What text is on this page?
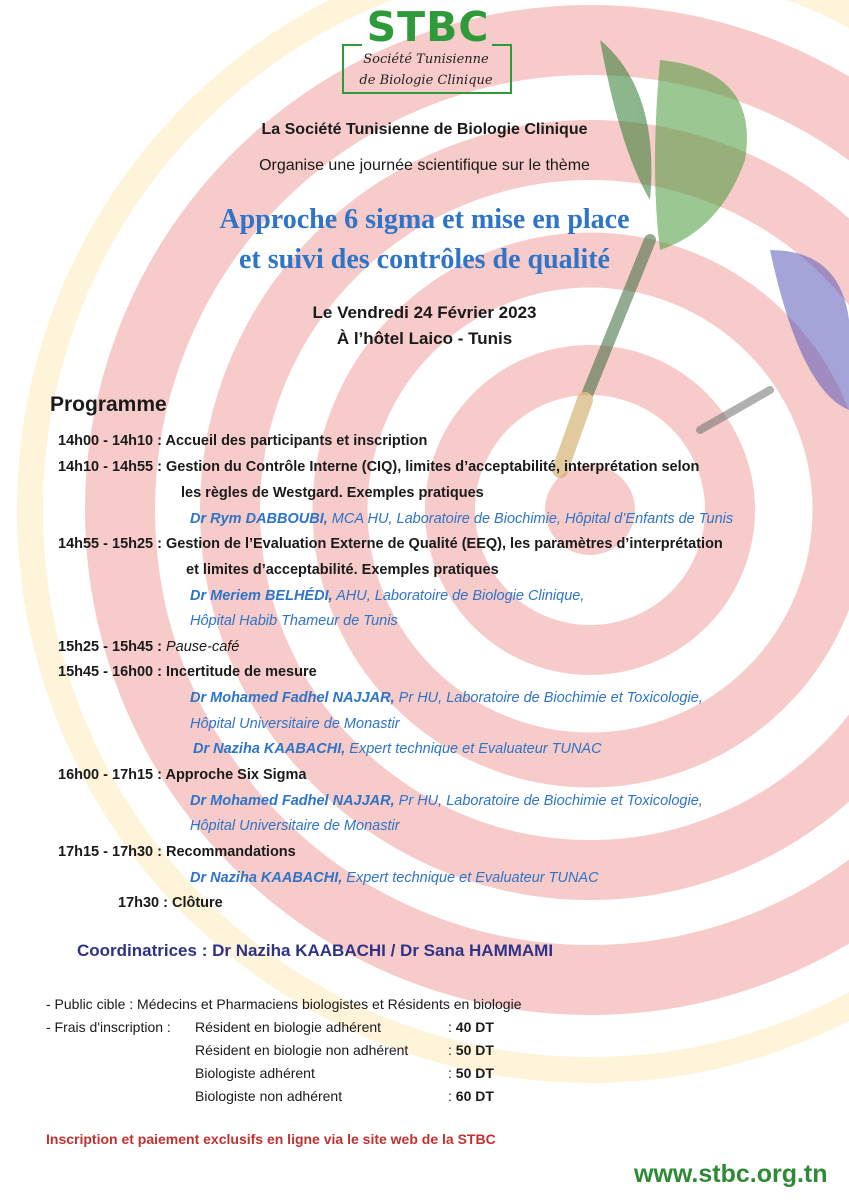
STBC
Société Tunisienne
de Biologie Clinique
La Société Tunisienne de Biologie Clinique
Organise une journée scientifique sur le thème
Approche 6 sigma et mise en place
et suivi des contrôles de qualité
Le Vendredi 24 Février 2023
À l’hôtel Laico - Tunis
Programme
14h00 - 14h10 : Accueil des participants et inscription
14h10 - 14h55 : Gestion du Contrôle Interne (CIQ), limites d’acceptabilité, interprétation selon
les règles de Westgard. Exemples pratiques
Dr Rym DABBOUBI, MCA HU, Laboratoire de Biochimie, Hôpital d’Enfants de Tunis
14h55 - 15h25 : Gestion de l’Evaluation Externe de Qualité (EEQ), les paramètres d’interprétation
et limites d’acceptabilité. Exemples pratiques
Dr Meriem BELHÉDI, AHU, Laboratoire de Biologie Clinique,
Hôpital Habib Thameur de Tunis
15h25 - 15h45 : Pause-café
15h45 - 16h00 : Incertitude de mesure
Dr Mohamed Fadhel NAJJAR, Pr HU, Laboratoire de Biochimie et Toxicologie,
Hôpital Universitaire de Monastir
Dr Naziha KAABACHI, Expert technique et Evaluateur TUNAC
16h00 - 17h15 : Approche Six Sigma
Dr Mohamed Fadhel NAJJAR, Pr HU, Laboratoire de Biochimie et Toxicologie,
Hôpital Universitaire de Monastir
17h15 - 17h30 : Recommandations
Dr Naziha KAABACHI, Expert technique et Evaluateur TUNAC
17h30 : Clôture
Coordinatrices : Dr Naziha KAABACHI / Dr Sana HAMMAMI
- Public cible : Médecins et Pharmaciens biologistes et Résidents en biologie
- Frais d'inscription : Résident en biologie adhérent	: 40 DT
Résident en biologie non adhérent	: 50 DT
Biologiste adhérent	: 50 DT
Biologiste non adhérent	: 60 DT
Inscription et paiement exclusifs en ligne via le site web de la STBC
www.stbc.org.tn
